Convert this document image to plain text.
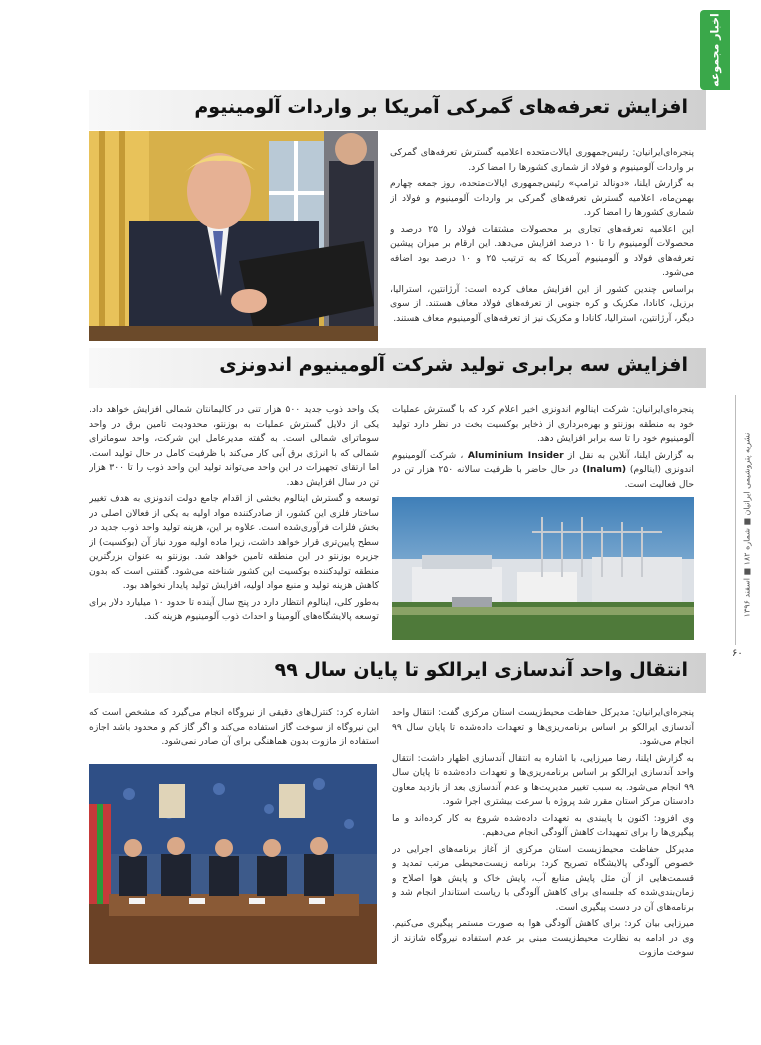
اخبار مجموعه
نشریه پتروشیمی ایرانیان ■ شماره ۱۸۲ ■ اسفند ۱۳۹۶
۶۰
افزایش تعرفه‌های گمرکی آمریکا بر واردات آلومینیوم

پنجره‌ای‌ایرانیان: رئیس‌جمهوری ایالات‌متحده اعلامیه گسترش تعرفه‌های گمرکی بر واردات آلومینیوم و فولاد از شماری کشورها را امضا کرد.

به گزارش ایلنا، «دونالد ترامپ» رئیس‌جمهوری ایالات‌متحده، روز جمعه چهارم بهمن‌ماه، اعلامیه گسترش تعرفه‌های گمرکی بر واردات آلومینیوم و فولاد از شماری کشورها را امضا کرد.

این اعلامیه تعرفه‌های تجاری بر محصولات مشتقات فولاد را ۲۵ درصد و محصولات آلومینیوم را تا ۱۰ درصد افزایش می‌دهد. این ارقام بر میزان پیشین تعرفه‌های فولاد و آلومینیوم آمریکا که به ترتیب ۲۵ و ۱۰ درصد بود اضافه می‌شود.

براساس چندین کشور از این افزایش معاف کرده است: آرژانتین، استرالیا، برزیل، کانادا، مکزیک و کره جنوبی از تعرفه‌های فولاد معاف هستند. از سوی دیگر، آرژانتین، استرالیا، کانادا و مکزیک نیز از تعرفه‌های آلومینیوم معاف هستند.

افزایش سه برابری تولید شرکت آلومینیوم اندونزی

پنجره‌ای‌ایرانیان: شرکت اینالوم اندونزی اخیر اعلام کرد که با گسترش عملیات خود به منطقه بوزنتو و بهره‌برداری از ذخایر بوکسیت بخت در نظر دارد تولید آلومینیوم خود را تا سه برابر افزایش دهد.

به گزارش ایلنا، آنلاین به نقل از Aluminium Insider ، شرکت آلومینیوم اندونزی (اینالوم) (Inalum) در حال حاضر با ظرفیت سالانه ۲۵۰ هزار تن در حال فعالیت است.

یک واحد ذوب جدید ۵۰۰ هزار تنی در کالیمانتان شمالی افزایش خواهد داد. یکی از دلایل گسترش عملیات به بوزنتو، محدودیت تامین برق در واحد سوماترای شمالی است. به گفته مدیرعامل این شرکت، واحد سوماترای شمالی که با انرژی برق آبی کار می‌کند با ظرفیت کامل در حال تولید است. اما ارتقای تجهیزات در این واحد می‌تواند تولید این واحد ذوب را تا ۳۰۰ هزار تن در سال افزایش دهد.

توسعه و گسترش اینالوم بخشی از اقدام جامع دولت اندونزی به هدف تغییر ساختار فلزی این کشور، از صادرکننده مواد اولیه به یکی از فعالان اصلی در بخش فلزات فرآوری‌شده است. علاوه بر این، هزینه تولید واحد ذوب جدید در سطح پایین‌تری قرار خواهد داشت، زیرا ماده اولیه مورد نیاز آن (بوکسیت) از جزیره بوزنتو در این منطقه تامین خواهد شد. بوزنتو به عنوان بزرگترین منطقه تولیدکننده بوکسیت این کشور شناخته می‌شود. گفتنی است که بدون کاهش هزینه تولید و منبع مواد اولیه، افزایش تولید پایدار نخواهد بود.

به‌طور کلی، اینالوم انتظار دارد در پنج سال آینده تا حدود ۱۰ میلیارد دلار برای توسعه پالایشگاه‌های آلومینا و احداث ذوب آلومینیوم هزینه کند.

انتقال واحد آندسازی ایرالکو تا پایان سال ۹۹

پنجره‌ای‌ایرانیان: مدیرکل حفاظت محیط‌زیست استان مرکزی گفت: انتقال واحد آندسازی ایرالکو بر اساس برنامه‌ریزی‌ها و تعهدات داده‌شده تا پایان سال ۹۹ انجام می‌شود.

به گزارش ایلنا، رضا میرزایی، با اشاره به انتقال آندسازی اظهار داشت: انتقال واحد آندسازی ایرالکو بر اساس برنامه‌ریزی‌ها و تعهدات داده‌شده تا پایان سال ۹۹ انجام می‌شود. به سبب تغییر مدیریت‌ها و عدم آندسازی بعد از بازدید معاون دادستان مرکز استان مقرر شد پروژه با سرعت بیشتری اجرا شود.

وی افزود: اکنون با پایبندی به تعهدات داده‌شده شروع به کار کرده‌اند و ما پیگیری‌ها را برای تمهیدات کاهش آلودگی انجام می‌دهیم.

مدیرکل حفاظت محیط‌زیست استان مرکزی از آغاز برنامه‌های اجرایی در خصوص آلودگی پالایشگاه تصریح کرد: برنامه زیست‌محیطی مرتب تمدید و قسمت‌هایی از آن مثل پایش منابع آب، پایش خاک و پایش هوا اصلاح و زمان‌بندی‌شده که جلسه‌ای برای کاهش آلودگی با ریاست استاندار انجام شد و برنامه‌های آن در دست پیگیری است.

میرزایی بیان کرد: برای کاهش آلودگی هوا به صورت مستمر پیگیری می‌کنیم. وی در ادامه به نظارت محیط‌زیست مبنی بر عدم استفاده نیروگاه شازند از سوخت مازوت

اشاره کرد: کنترل‌های دقیقی از نیروگاه انجام می‌گیرد که مشخص است که این نیروگاه از سوخت گاز استفاده می‌کند و اگر گاز کم و محدود باشد اجازه استفاده از مازوت بدون هماهنگی برای آن صادر نمی‌شود.
